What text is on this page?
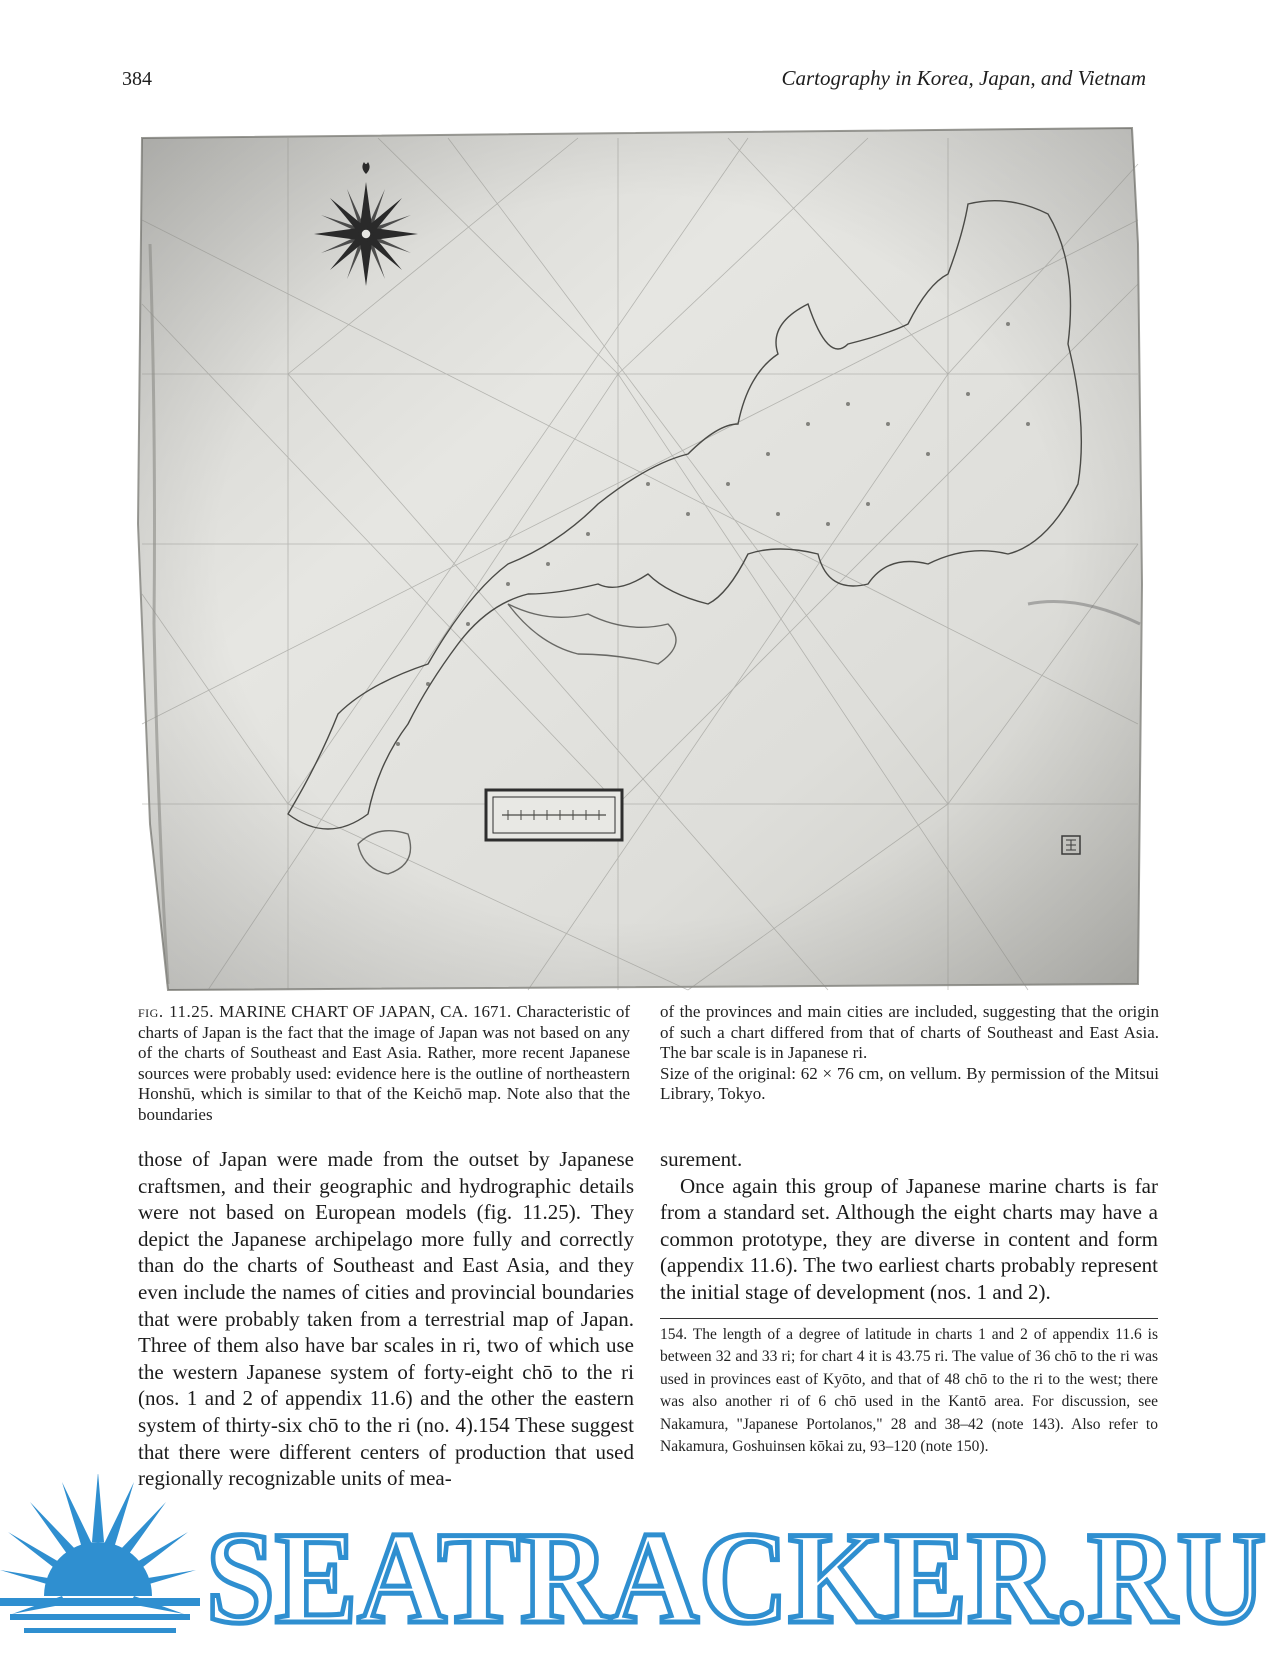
384	Cartography in Korea, Japan, and Vietnam

fig. 11.25. MARINE CHART OF JAPAN, CA. 1671. Characteristic of charts of Japan is the fact that the image of Japan was not based on any of the charts of Southeast and East Asia. Rather, more recent Japanese sources were probably used: evidence here is the outline of northeastern Honshū, which is similar to that of the Keichō map. Note also that the boundaries

of the provinces and main cities are included, suggesting that the origin of such a chart differed from that of charts of Southeast and East Asia. The bar scale is in Japanese ri.

Size of the original: 62 × 76 cm, on vellum. By permission of the Mitsui Library, Tokyo.

those of Japan were made from the outset by Japanese craftsmen, and their geographic and hydrographic details were not based on European models (fig. 11.25). They depict the Japanese archipelago more fully and correctly than do the charts of Southeast and East Asia, and they even include the names of cities and provincial boundaries that were probably taken from a terrestrial map of Japan. Three of them also have bar scales in ri, two of which use the western Japanese system of forty-eight chō to the ri (nos. 1 and 2 of appendix 11.6) and the other the eastern system of thirty-six chō to the ri (no. 4).154 These suggest that there were different centers of production that used regionally recognizable units of mea-

surement.

Once again this group of Japanese marine charts is far from a standard set. Although the eight charts may have a common prototype, they are diverse in content and form (appendix 11.6). The two earliest charts probably represent the initial stage of development (nos. 1 and 2).

154. The length of a degree of latitude in charts 1 and 2 of appendix 11.6 is between 32 and 33 ri; for chart 4 it is 43.75 ri. The value of 36 chō to the ri was used in provinces east of Kyōto, and that of 48 chō to the ri to the west; there was also another ri of 6 chō used in the Kantō area. For discussion, see Nakamura, "Japanese Portolanos," 28 and 38–42 (note 143). Also refer to Nakamura, Goshuinsen kōkai zu, 93–120 (note 150).

SEATRACKER.RU
